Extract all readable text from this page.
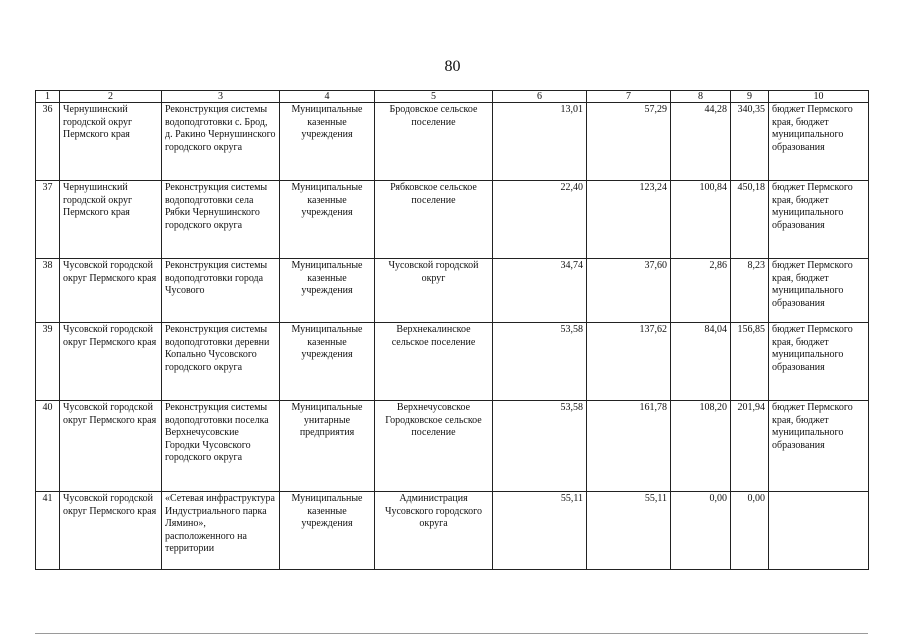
80
1	2	3	4	5	6	7	8	9	10
36	Чернушинский городской округ Пермского края	Реконструкция системы водоподготовки с. Брод, д. Ракино Чернушинского городского округа	Муниципальные казенные учреждения	Бродовское сельское поселение	13,01	57,29	44,28	340,35	бюджет Пермского края, бюджет муниципального образования
37	Чернушинский городской округ Пермского края	Реконструкция системы водоподготовки села Рябки Чернушинского городского округа	Муниципальные казенные учреждения	Рябковское сельское поселение	22,40	123,24	100,84	450,18	бюджет Пермского края, бюджет муниципального образования
38	Чусовской городской округ Пермского края	Реконструкция системы водоподготовки города Чусового	Муниципальные казенные учреждения	Чусовской городской округ	34,74	37,60	2,86	8,23	бюджет Пермского края, бюджет муниципального образования
39	Чусовской городской округ Пермского края	Реконструкция системы водоподготовки деревни Копально Чусовского городского округа	Муниципальные казенные учреждения	Верхнекалинское сельское поселение	53,58	137,62	84,04	156,85	бюджет Пермского края, бюджет муниципального образования
40	Чусовской городской округ Пермского края	Реконструкция системы водоподготовки поселка Верхнечусовские Городки Чусовского городского округа	Муниципальные унитарные предприятия	Верхнечусовское Городковское сельское поселение	53,58	161,78	108,20	201,94	бюджет Пермского края, бюджет муниципального образования
41	Чусовской городской округ Пермского края	«Сетевая инфраструктура Индустриального парка Лямино», расположенного на территории	Муниципальные казенные учреждения	Администрация Чусовского городского округа	55,11	55,11	0,00	0,00	
